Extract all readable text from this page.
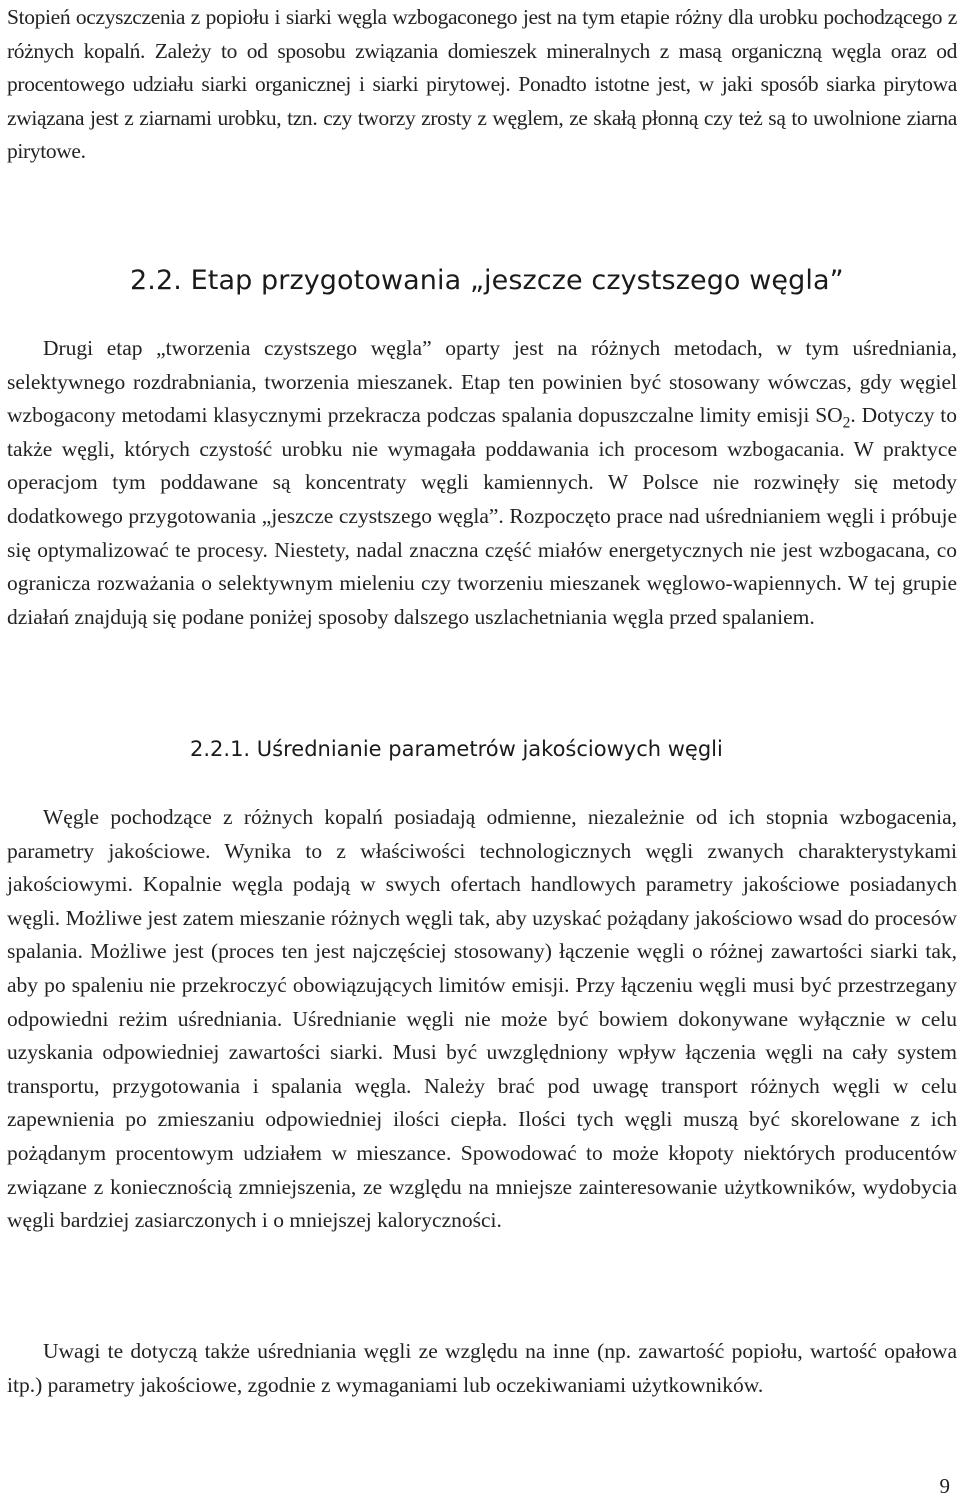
Stopień oczyszczenia z popiołu i siarki węgla wzbogaconego jest na tym etapie różny dla urobku pochodzącego z różnych kopalń. Zależy to od sposobu związania domieszek mineralnych z masą organiczną węgla oraz od procentowego udziału siarki organicznej i siarki pirytowej. Ponadto istotne jest, w jaki sposób siarka pirytowa związana jest z ziarnami urobku, tzn. czy tworzy zrosty z węglem, ze skałą płonną czy też są to uwolnione ziarna pirytowe.

2.2. Etap przygotowania „jeszcze czystszego węgla”

Drugi etap „tworzenia czystszego węgla” oparty jest na różnych metodach, w tym uśredniania, selektywnego rozdrabniania, tworzenia mieszanek. Etap ten powinien być stosowany wówczas, gdy węgiel wzbogacony metodami klasycznymi przekracza podczas spalania dopuszczalne limity emisji $SO_2$. Dotyczy to także węgli, których czystość urobku nie wymagała poddawania ich procesom wzbogacania. W praktyce operacjom tym poddawane są koncentraty węgli kamiennych. W Polsce nie rozwinęły się metody dodatkowego przygotowania „jeszcze czystszego węgla”. Rozpoczęto prace nad uśrednianiem węgli i próbuje się optymalizować te procesy. Niestety, nadal znaczna część miałów energetycznych nie jest wzbogacana, co ogranicza rozważania o selektywnym mieleniu czy tworzeniu mieszanek węglowo-wapiennych. W tej grupie działań znajdują się podane poniżej sposoby dalszego uszlachetniania węgla przed spalaniem.

2.2.1. Uśrednianie parametrów jakościowych węgli

Węgle pochodzące z różnych kopalń posiadają odmienne, niezależnie od ich stopnia wzbogacenia, parametry jakościowe. Wynika to z właściwości technologicznych węgli zwanych charakterystykami jakościowymi. Kopalnie węgla podają w swych ofertach handlowych parametry jakościowe posiadanych węgli. Możliwe jest zatem mieszanie różnych węgli tak, aby uzyskać pożądany jakościowo wsad do procesów spalania. Możliwe jest (proces ten jest najczęściej stosowany) łączenie węgli o różnej zawartości siarki tak, aby po spaleniu nie przekroczyć obowiązujących limitów emisji. Przy łączeniu węgli musi być przestrzegany odpowiedni reżim uśredniania. Uśrednianie węgli nie może być bowiem dokonywane wyłącznie w celu uzyskania odpowiedniej zawartości siarki. Musi być uwzględniony wpływ łączenia węgli na cały system transportu, przygotowania i spalania węgla. Należy brać pod uwagę transport różnych węgli w celu zapewnienia po zmieszaniu odpowiedniej ilości ciepła. Ilości tych węgli muszą być skorelowane z ich pożądanym procentowym udziałem w mieszance. Spowodować to może kłopoty niektórych producentów związane z koniecznością zmniejszenia, ze względu na mniejsze zainteresowanie użytkowników, wydobycia węgli bardziej zasiarczonych i o mniejszej kaloryczności.

Uwagi te dotyczą także uśredniania węgli ze względu na inne (np. zawartość popiołu, wartość opałowa itp.) parametry jakościowe, zgodnie z wymaganiami lub oczekiwaniami użytkowników.

9
